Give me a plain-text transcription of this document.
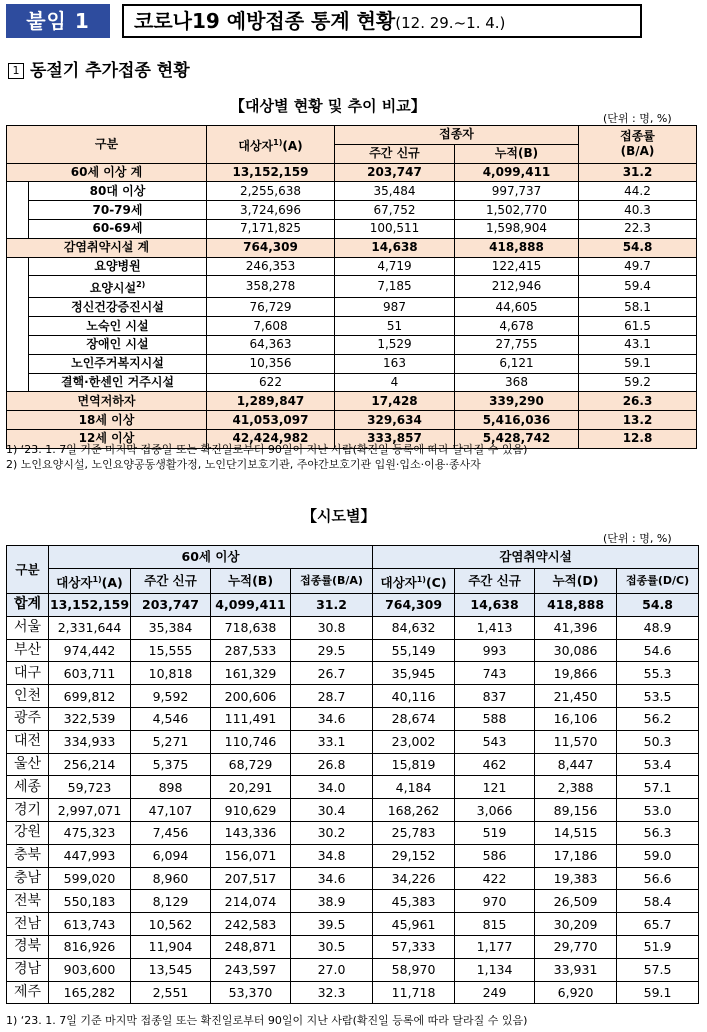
붙임 1	코로나19 예방접종 통계 현황(12. 29.~1. 4.)
1 동절기 추가접종 현황
【대상별 현황 및 추이 비교】
(단위 : 명, %)
구분		대상자$^{1)}$(A)	접종자		접종률
(B/A)
			주간 신규	누적(B)	
60세 이상 계		13,152,159	203,747	4,099,411	31.2
	80대 이상	2,255,638	35,484	997,737	44.2
	70-79세	3,724,696	67,752	1,502,770	40.3
	60-69세	7,171,825	100,511	1,598,904	22.3
감염취약시설 계		764,309	14,638	418,888	54.8
	요양병원	246,353	4,719	122,415	49.7
	요양시설$^{2)}$	358,278	7,185	212,946	59.4
	정신건강증진시설	76,729	987	44,605	58.1
	노숙인 시설	7,608	51	4,678	61.5
	장애인 시설	64,363	1,529	27,755	43.1
	노인주거복지시설	10,356	163	6,121	59.1
	결핵·한센인 거주시설	622	4	368	59.2
면역저하자		1,289,847	17,428	339,290	26.3
18세 이상		41,053,097	329,634	5,416,036	13.2
12세 이상		42,424,982	333,857	5,428,742	12.8
1) ‘23. 1. 7일 기준 마지막 접종일 또는 확진일로부터 90일이 지난 사람(확진일 등록에 따라 달라질 수 있음)
2) 노인요양시설, 노인요양공동생활가정, 노인단기보호기관, 주야간보호기관 입원·입소·이용·종사자
【시도별】
(단위 : 명, %)
구분	60세 이상				감염취약시설			
	대상자$^{1)}$(A)	주간 신규	누적(B)	접종률(B/A)	대상자$^{1)}$(C)	주간 신규	누적(D)	접종률(D/C)
합계	13,152,159	203,747	4,099,411	31.2	764,309	14,638	418,888	54.8
서울	2,331,644	35,384	718,638	30.8	84,632	1,413	41,396	48.9
부산	974,442	15,555	287,533	29.5	55,149	993	30,086	54.6
대구	603,711	10,818	161,329	26.7	35,945	743	19,866	55.3
인천	699,812	9,592	200,606	28.7	40,116	837	21,450	53.5
광주	322,539	4,546	111,491	34.6	28,674	588	16,106	56.2
대전	334,933	5,271	110,746	33.1	23,002	543	11,570	50.3
울산	256,214	5,375	68,729	26.8	15,819	462	8,447	53.4
세종	59,723	898	20,291	34.0	4,184	121	2,388	57.1
경기	2,997,071	47,107	910,629	30.4	168,262	3,066	89,156	53.0
강원	475,323	7,456	143,336	30.2	25,783	519	14,515	56.3
충북	447,993	6,094	156,071	34.8	29,152	586	17,186	59.0
충남	599,020	8,960	207,517	34.6	34,226	422	19,383	56.6
전북	550,183	8,129	214,074	38.9	45,383	970	26,509	58.4
전남	613,743	10,562	242,583	39.5	45,961	815	30,209	65.7
경북	816,926	11,904	248,871	30.5	57,333	1,177	29,770	51.9
경남	903,600	13,545	243,597	27.0	58,970	1,134	33,931	57.5
제주	165,282	2,551	53,370	32.3	11,718	249	6,920	59.1
1) ‘23. 1. 7일 기준 마지막 접종일 또는 확진일로부터 90일이 지난 사람(확진일 등록에 따라 달라질 수 있음)
